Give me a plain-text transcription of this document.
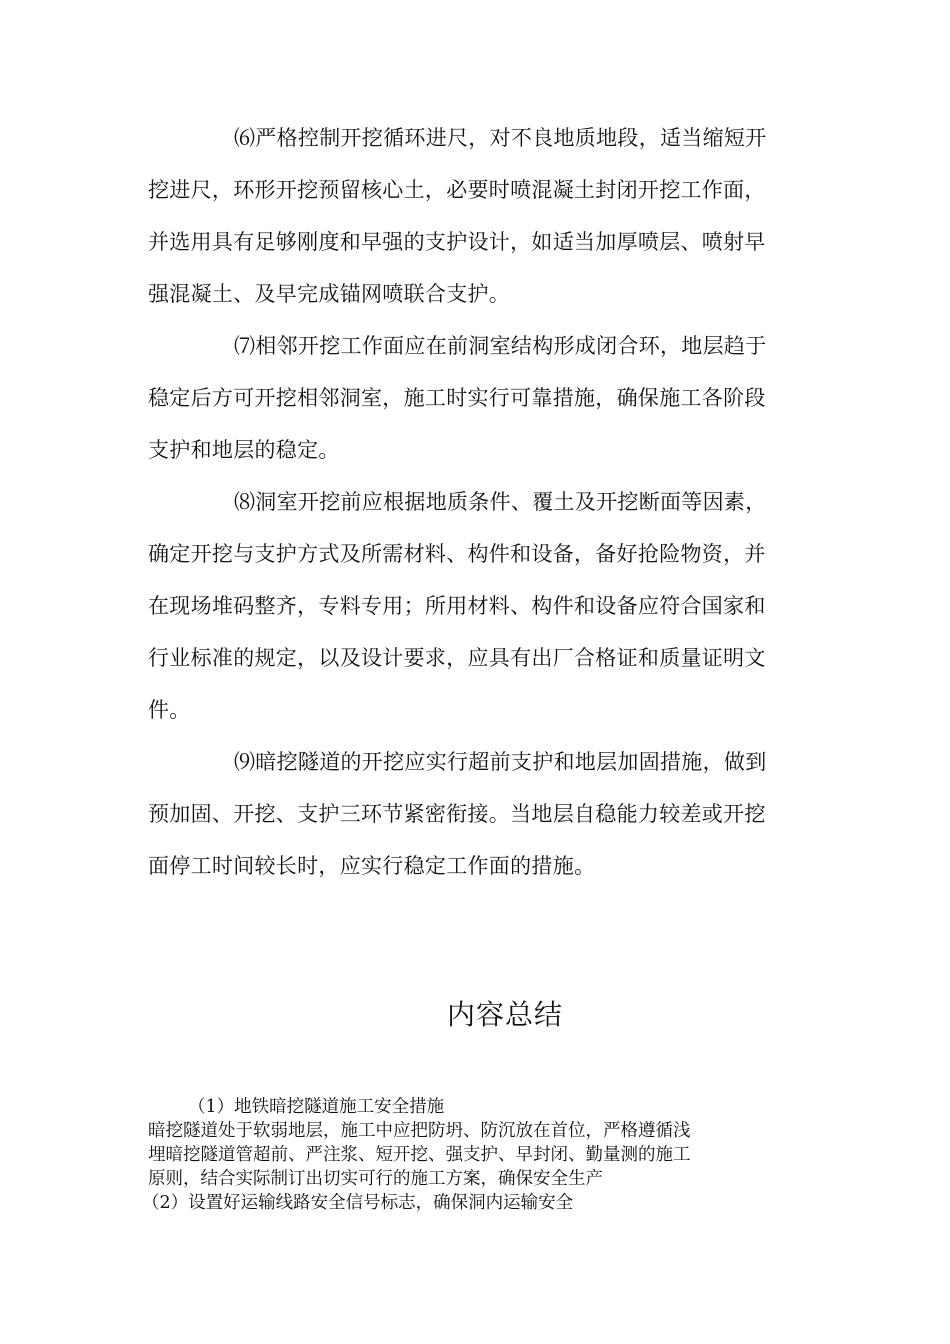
⑹严格控制开挖循环进尺，对不良地质地段，适当缩短开
挖进尺，环形开挖预留核心土，必要时喷混凝土封闭开挖工作面，
并选用具有足够刚度和早强的支护设计，如适当加厚喷层、喷射早
强混凝土、及早完成锚网喷联合支护。
⑺相邻开挖工作面应在前洞室结构形成闭合环，地层趋于
稳定后方可开挖相邻洞室，施工时实行可靠措施，确保施工各阶段
支护和地层的稳定。
⑻洞室开挖前应根据地质条件、覆土及开挖断面等因素，
确定开挖与支护方式及所需材料、构件和设备，备好抢险物资，并
在现场堆码整齐，专料专用；所用材料、构件和设备应符合国家和
行业标准的规定，以及设计要求，应具有出厂合格证和质量证明文
件。
⑼暗挖隧道的开挖应实行超前支护和地层加固措施，做到
预加固、开挖、支护三环节紧密衔接。当地层自稳能力较差或开挖
面停工时间较长时，应实行稳定工作面的措施。
内容总结
（1）地铁暗挖隧道施工安全措施
暗挖隧道处于软弱地层，施工中应把防坍、防沉放在首位，严格遵循浅
埋暗挖隧道管超前、严注浆、短开挖、强支护、早封闭、勤量测的施工
原则，结合实际制订出切实可行的施工方案，确保安全生产
（2）设置好运输线路安全信号标志，确保洞内运输安全
